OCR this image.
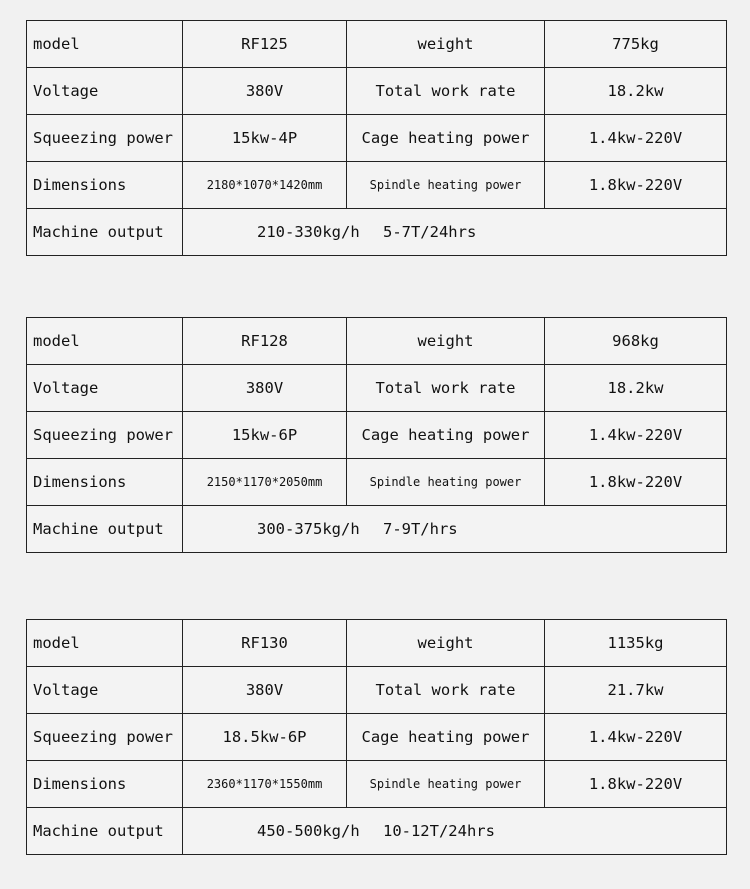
model	RF125	weight	775kg
Voltage	380V	Total work rate	18.2kw
Squeezing power	15kw-4P	Cage heating power	1.4kw-220V
Dimensions	2180*1070*1420mm	Spindle heating power	1.8kw-220V
Machine output	210-330kg/h 5-7T/24hrs		
model	RF128	weight	968kg
Voltage	380V	Total work rate	18.2kw
Squeezing power	15kw-6P	Cage heating power	1.4kw-220V
Dimensions	2150*1170*2050mm	Spindle heating power	1.8kw-220V
Machine output	300-375kg/h 7-9T/hrs		
model	RF130	weight	1135kg
Voltage	380V	Total work rate	21.7kw
Squeezing power	18.5kw-6P	Cage heating power	1.4kw-220V
Dimensions	2360*1170*1550mm	Spindle heating power	1.8kw-220V
Machine output	450-500kg/h 10-12T/24hrs		
